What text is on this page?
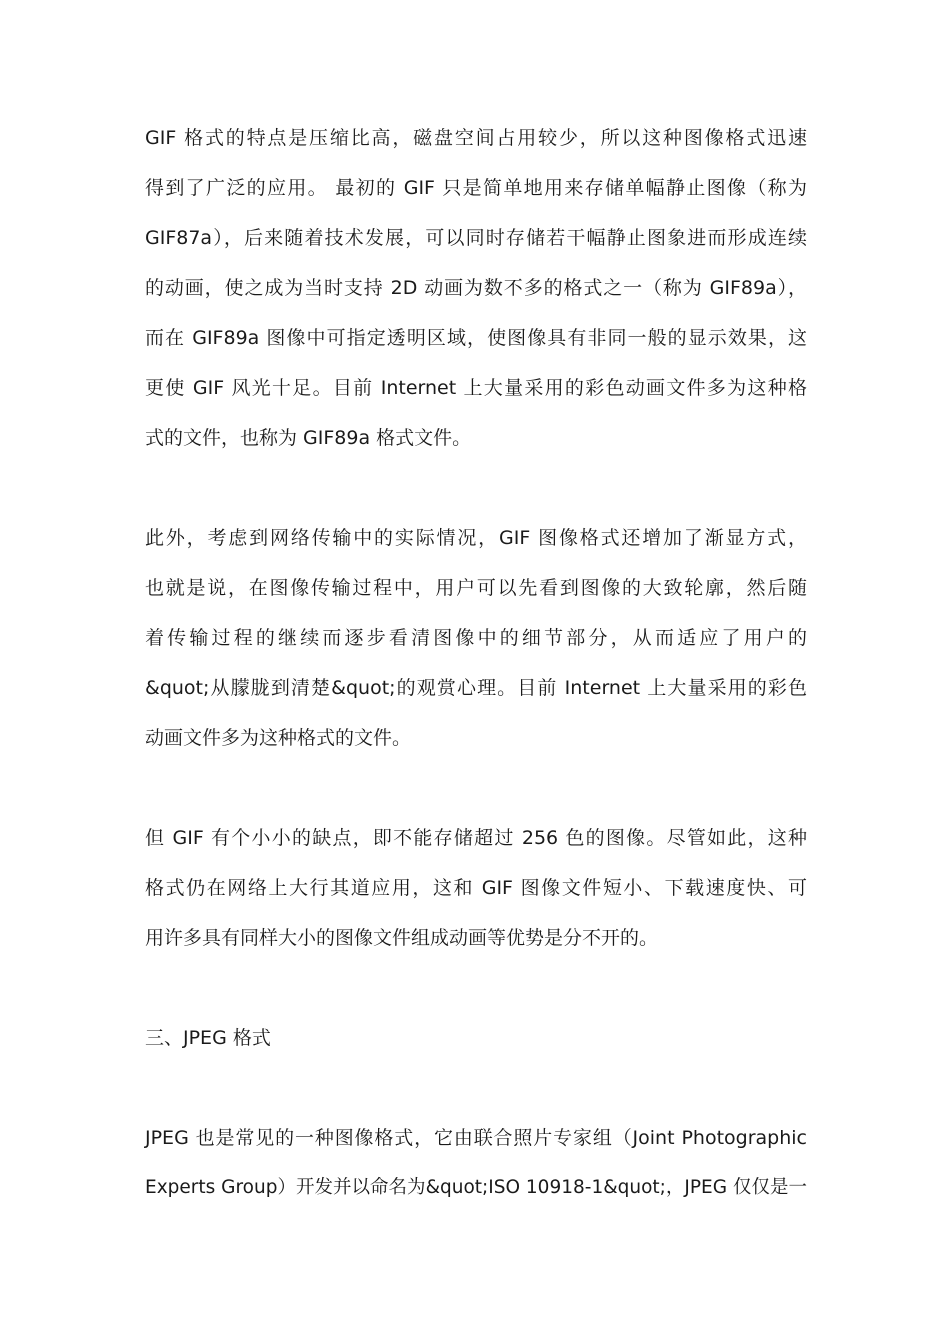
GIF 格式的特点是压缩比高，磁盘空间占用较少，所以这种图像格式迅速
得到了广泛的应用。 最初的 GIF 只是简单地用来存储单幅静止图像（称为
GIF87a），后来随着技术发展，可以同时存储若干幅静止图象进而形成连续
的动画，使之成为当时支持 2D 动画为数不多的格式之一（称为 GIF89a），
而在 GIF89a 图像中可指定透明区域，使图像具有非同一般的显示效果，这
更使 GIF 风光十足。目前 Internet 上大量采用的彩色动画文件多为这种格
式的文件，也称为 GIF89a 格式文件。
此外，考虑到网络传输中的实际情况，GIF 图像格式还增加了渐显方式，
也就是说，在图像传输过程中，用户可以先看到图像的大致轮廓，然后随
着传输过程的继续而逐步看清图像中的细节部分，从而适应了用户的
&quot;从朦胧到清楚&quot;的观赏心理。目前 Internet 上大量采用的彩色
动画文件多为这种格式的文件。
但 GIF 有个小小的缺点，即不能存储超过 256 色的图像。尽管如此，这种
格式仍在网络上大行其道应用，这和 GIF 图像文件短小、下载速度快、可
用许多具有同样大小的图像文件组成动画等优势是分不开的。
三、JPEG 格式
JPEG 也是常见的一种图像格式，它由联合照片专家组（Joint Photographic
Experts Group）开发并以命名为&quot;ISO 10918-1&quot;，JPEG 仅仅是一
